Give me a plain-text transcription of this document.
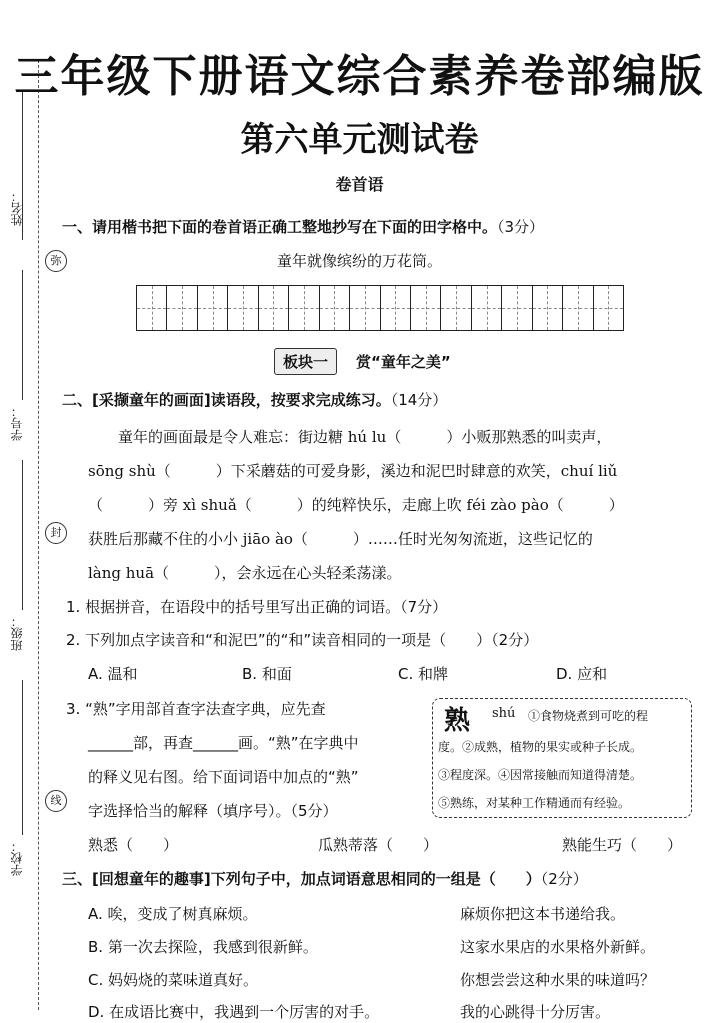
姓名：
弥
学号：
封
班级：
线
学校：
三年级下册语文综合素养卷部编版
第六单元测试卷
卷首语
一、请用楷书把下面的卷首语正确工整地抄写在下面的田字格中。（3分）
童年就像缤纷的万花筒。
板块一	赏“童年之美”
二、[采撷童年的画面]读语段，按要求完成练习。（14分）
童年的画面最是令人难忘：街边糖 hú lu（　　　）小贩那熟悉的叫卖声，
sōng shù（　　　）下采蘑菇的可爱身影，溪边和泥巴时肆意的欢笑，chuí liǔ
（　　　）旁 xì shuǎ（　　　）的纯粹快乐，走廊上吹 féi zào pào（　　　）
获胜后那藏不住的小小 jiāo ào（　　　）……任时光匆匆流逝，这些记忆的
làng huā（　　　），会永远在心头轻柔荡漾。
1. 根据拼音，在语段中的括号里写出正确的词语。（7分）
2. 下列加点字读音和“和泥巴”的“和”读音相同的一项是（　　）（2分）
A. 温和	B. 和面	C. 和牌	D. 应和
3. “熟”字用部首查字法查字典，应先查
______部，再查______画。“熟”在字典中
的释义见右图。给下面词语中加点的“熟”
字选择恰当的解释（填序号）。（5分）
熟 shú ①食物烧煮到可吃的程
度。②成熟，植物的果实或种子长成。
③程度深。④因常接触而知道得清楚。
⑤熟练，对某种工作精通而有经验。
熟悉（　　）	瓜熟蒂落（　　）	熟能生巧（　　）
三、[回想童年的趣事]下列句子中，加点词语意思相同的一组是（　　）（2分）
A. 唉，变成了树真麻烦。	麻烦你把这本书递给我。
B. 第一次去探险，我感到很新鲜。	这家水果店的水果格外新鲜。
C. 妈妈烧的菜味道真好。	你想尝尝这种水果的味道吗？
D. 在成语比赛中，我遇到一个厉害的对手。	我的心跳得十分厉害。
